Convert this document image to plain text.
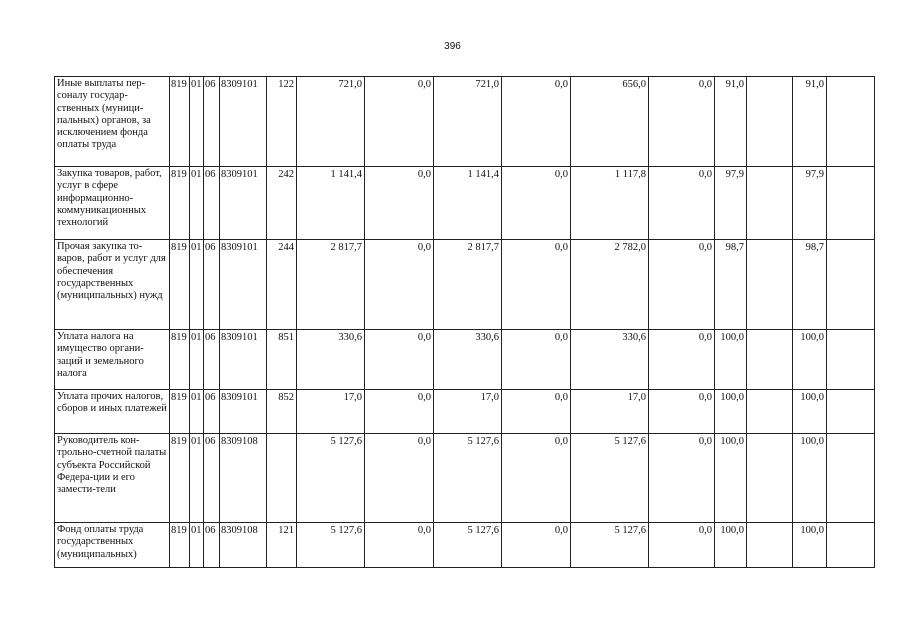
396
Иные выплаты пер-соналу государ-ственных (муници-пальных) органов, за исключением фонда оплаты труда	819	01	06	8309101	122	721,0	0,0	721,0	0,0	656,0	0,0	91,0		91,0	
Закупка товаров, работ, услуг в сфере информационно-коммуникационных технологий	819	01	06	8309101	242	1 141,4	0,0	1 141,4	0,0	1 117,8	0,0	97,9		97,9	
Прочая закупка то-варов, работ и услуг для обеспечения государственных (муниципальных) нужд	819	01	06	8309101	244	2 817,7	0,0	2 817,7	0,0	2 782,0	0,0	98,7		98,7	
Уплата налога на имущество органи-заций и земельного налога	819	01	06	8309101	851	330,6	0,0	330,6	0,0	330,6	0,0	100,0		100,0	
Уплата прочих налогов, сборов и иных платежей	819	01	06	8309101	852	17,0	0,0	17,0	0,0	17,0	0,0	100,0		100,0	
Руководитель кон-трольно-счетной палаты субъекта Российской Федера-ции и его замести-тели	819	01	06	8309108		5 127,6	0,0	5 127,6	0,0	5 127,6	0,0	100,0		100,0	
Фонд оплаты труда государственных (муниципальных)	819	01	06	8309108	121	5 127,6	0,0	5 127,6	0,0	5 127,6	0,0	100,0		100,0	
